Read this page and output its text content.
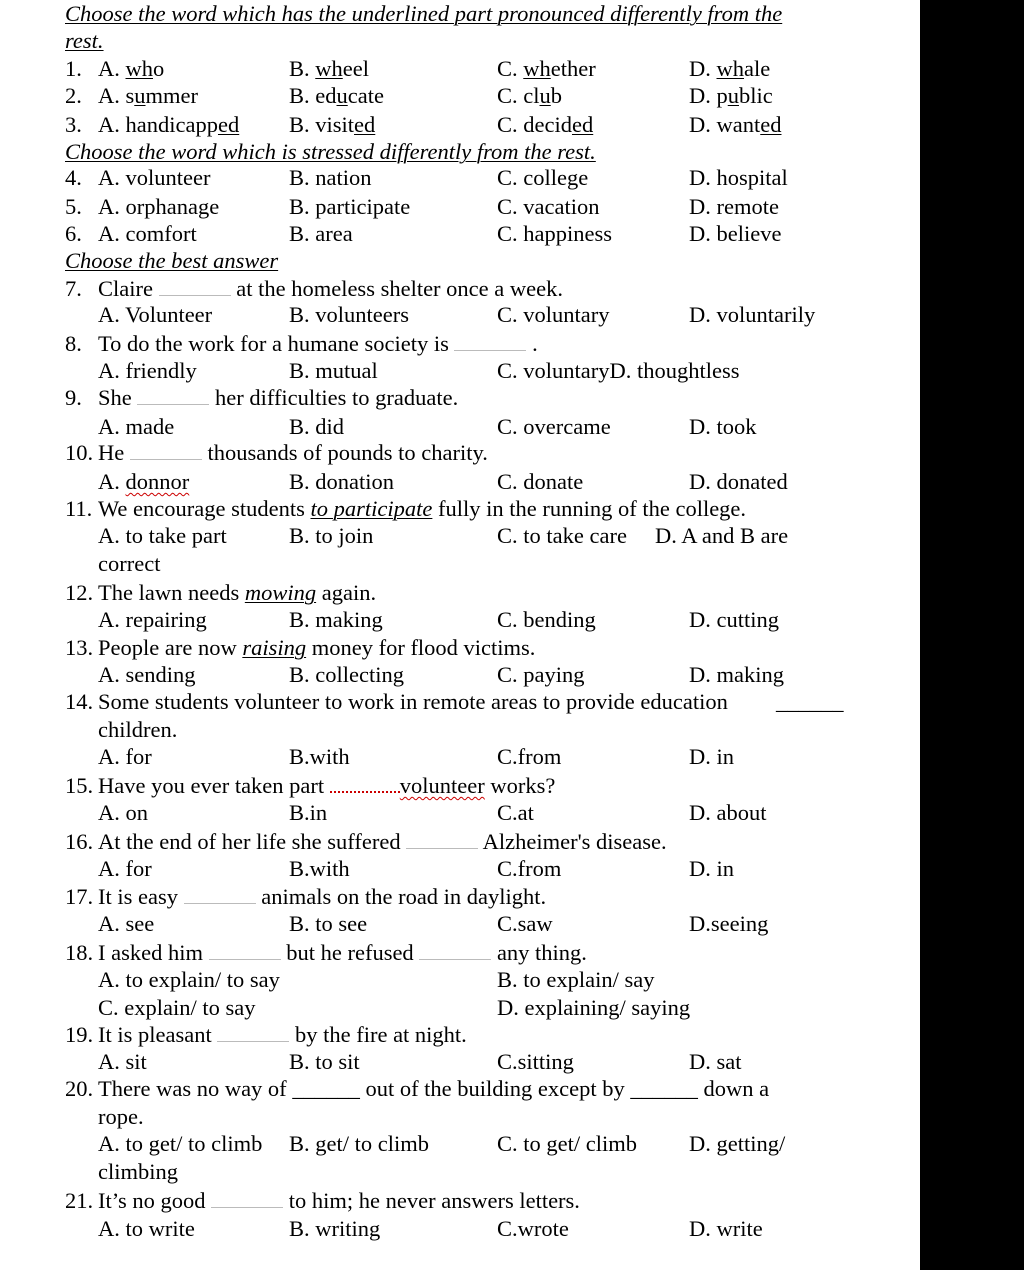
Choose the word which has the underlined part pronounced differently from the
rest.
1. A. who	B. wheel	C. whether	D. whale
2. A. summer	B. educate	C. club	D. public
3. A. handicapped B. visited	C. decided	D. wanted
Choose the word which is stressed differently from the rest.
4. A. volunteer	B. nation	C. college	D. hospital
5. A. orphanage	B. participate	C. vacation	D. remote
6. A. comfort	B. area	C. happiness	D. believe
Choose the best answer
7. Claire	at the homeless shelter once a week.
A. Volunteer	B. volunteers	C. voluntary	D. voluntarily
8. To do the work for a humane society is	.
A. friendly	B. mutual	C. voluntaryD. thoughtless
9. She	her difficulties to graduate.
A. made	B. did	C. overcame	D. took
10. He	thousands of pounds to charity.
A. donnor	B. donation	C. donate	D. donated
11. We encourage students to participate fully in the running of the college.
A. to take part	B. to join	C. to take care D. A and B are
correct
12. The lawn needs mowing again.
A. repairing	B. making	C. bending	D. cutting
13. People are now raising money for flood victims.
A. sending	B. collecting	C. paying	D. making
14. Some students volunteer to work in remote areas to provide education ______
children.
A. for	B.with	C.from	D. in
15. Have you ever taken part	volunteer works?
A. on	B.in	C.at	D. about
16. At the end of her life she suffered	Alzheimer's disease.
A. for	B.with	C.from	D. in
17. It is easy	animals on the road in daylight.
A. see	B. to see	C.saw	D.seeing
18. I asked him	but he refused	any thing.
A. to explain/ to say	B. to explain/ say
C. explain/ to say	D. explaining/ saying
19. It is pleasant	by the fire at night.
A. sit	B. to sit	C.sitting	D. sat
20. There was no way of ______ out of the building except by ______ down a
rope.
A. to get/ to climb B. get/ to climb	C. to get/ climb D. getting/
climbing
21. It’s no good	to him; he never answers letters.
A. to write	B. writing	C.wrote	D. write
